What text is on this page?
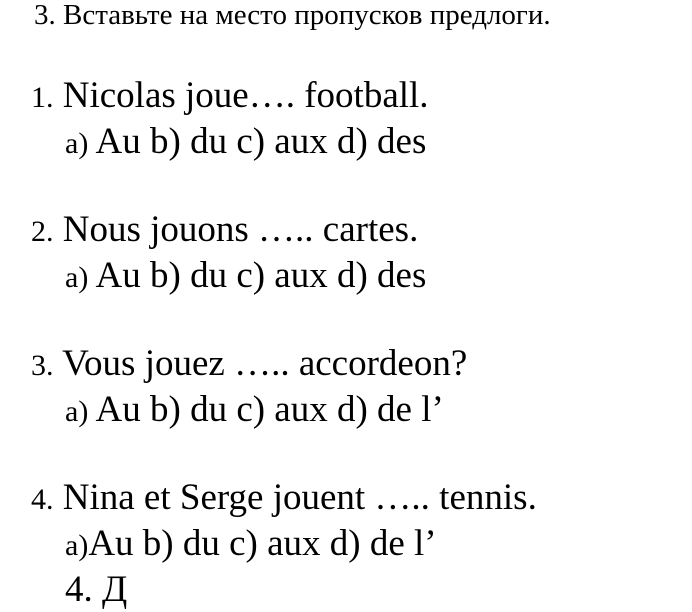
3. Вставьте на место пропусков предлоги.
1. Nicolas joue…. football.
a) Au b) du c) aux d) des
2. Nous jouons ….. cartes.
a) Au b) du c) aux d) des
3. Vous jouez ….. accordeon?
a) Au b) du c) aux d) de l’
4. Nina et Serge jouent ….. tennis.
a)Au b) du c) aux d) de l’
4. Д
